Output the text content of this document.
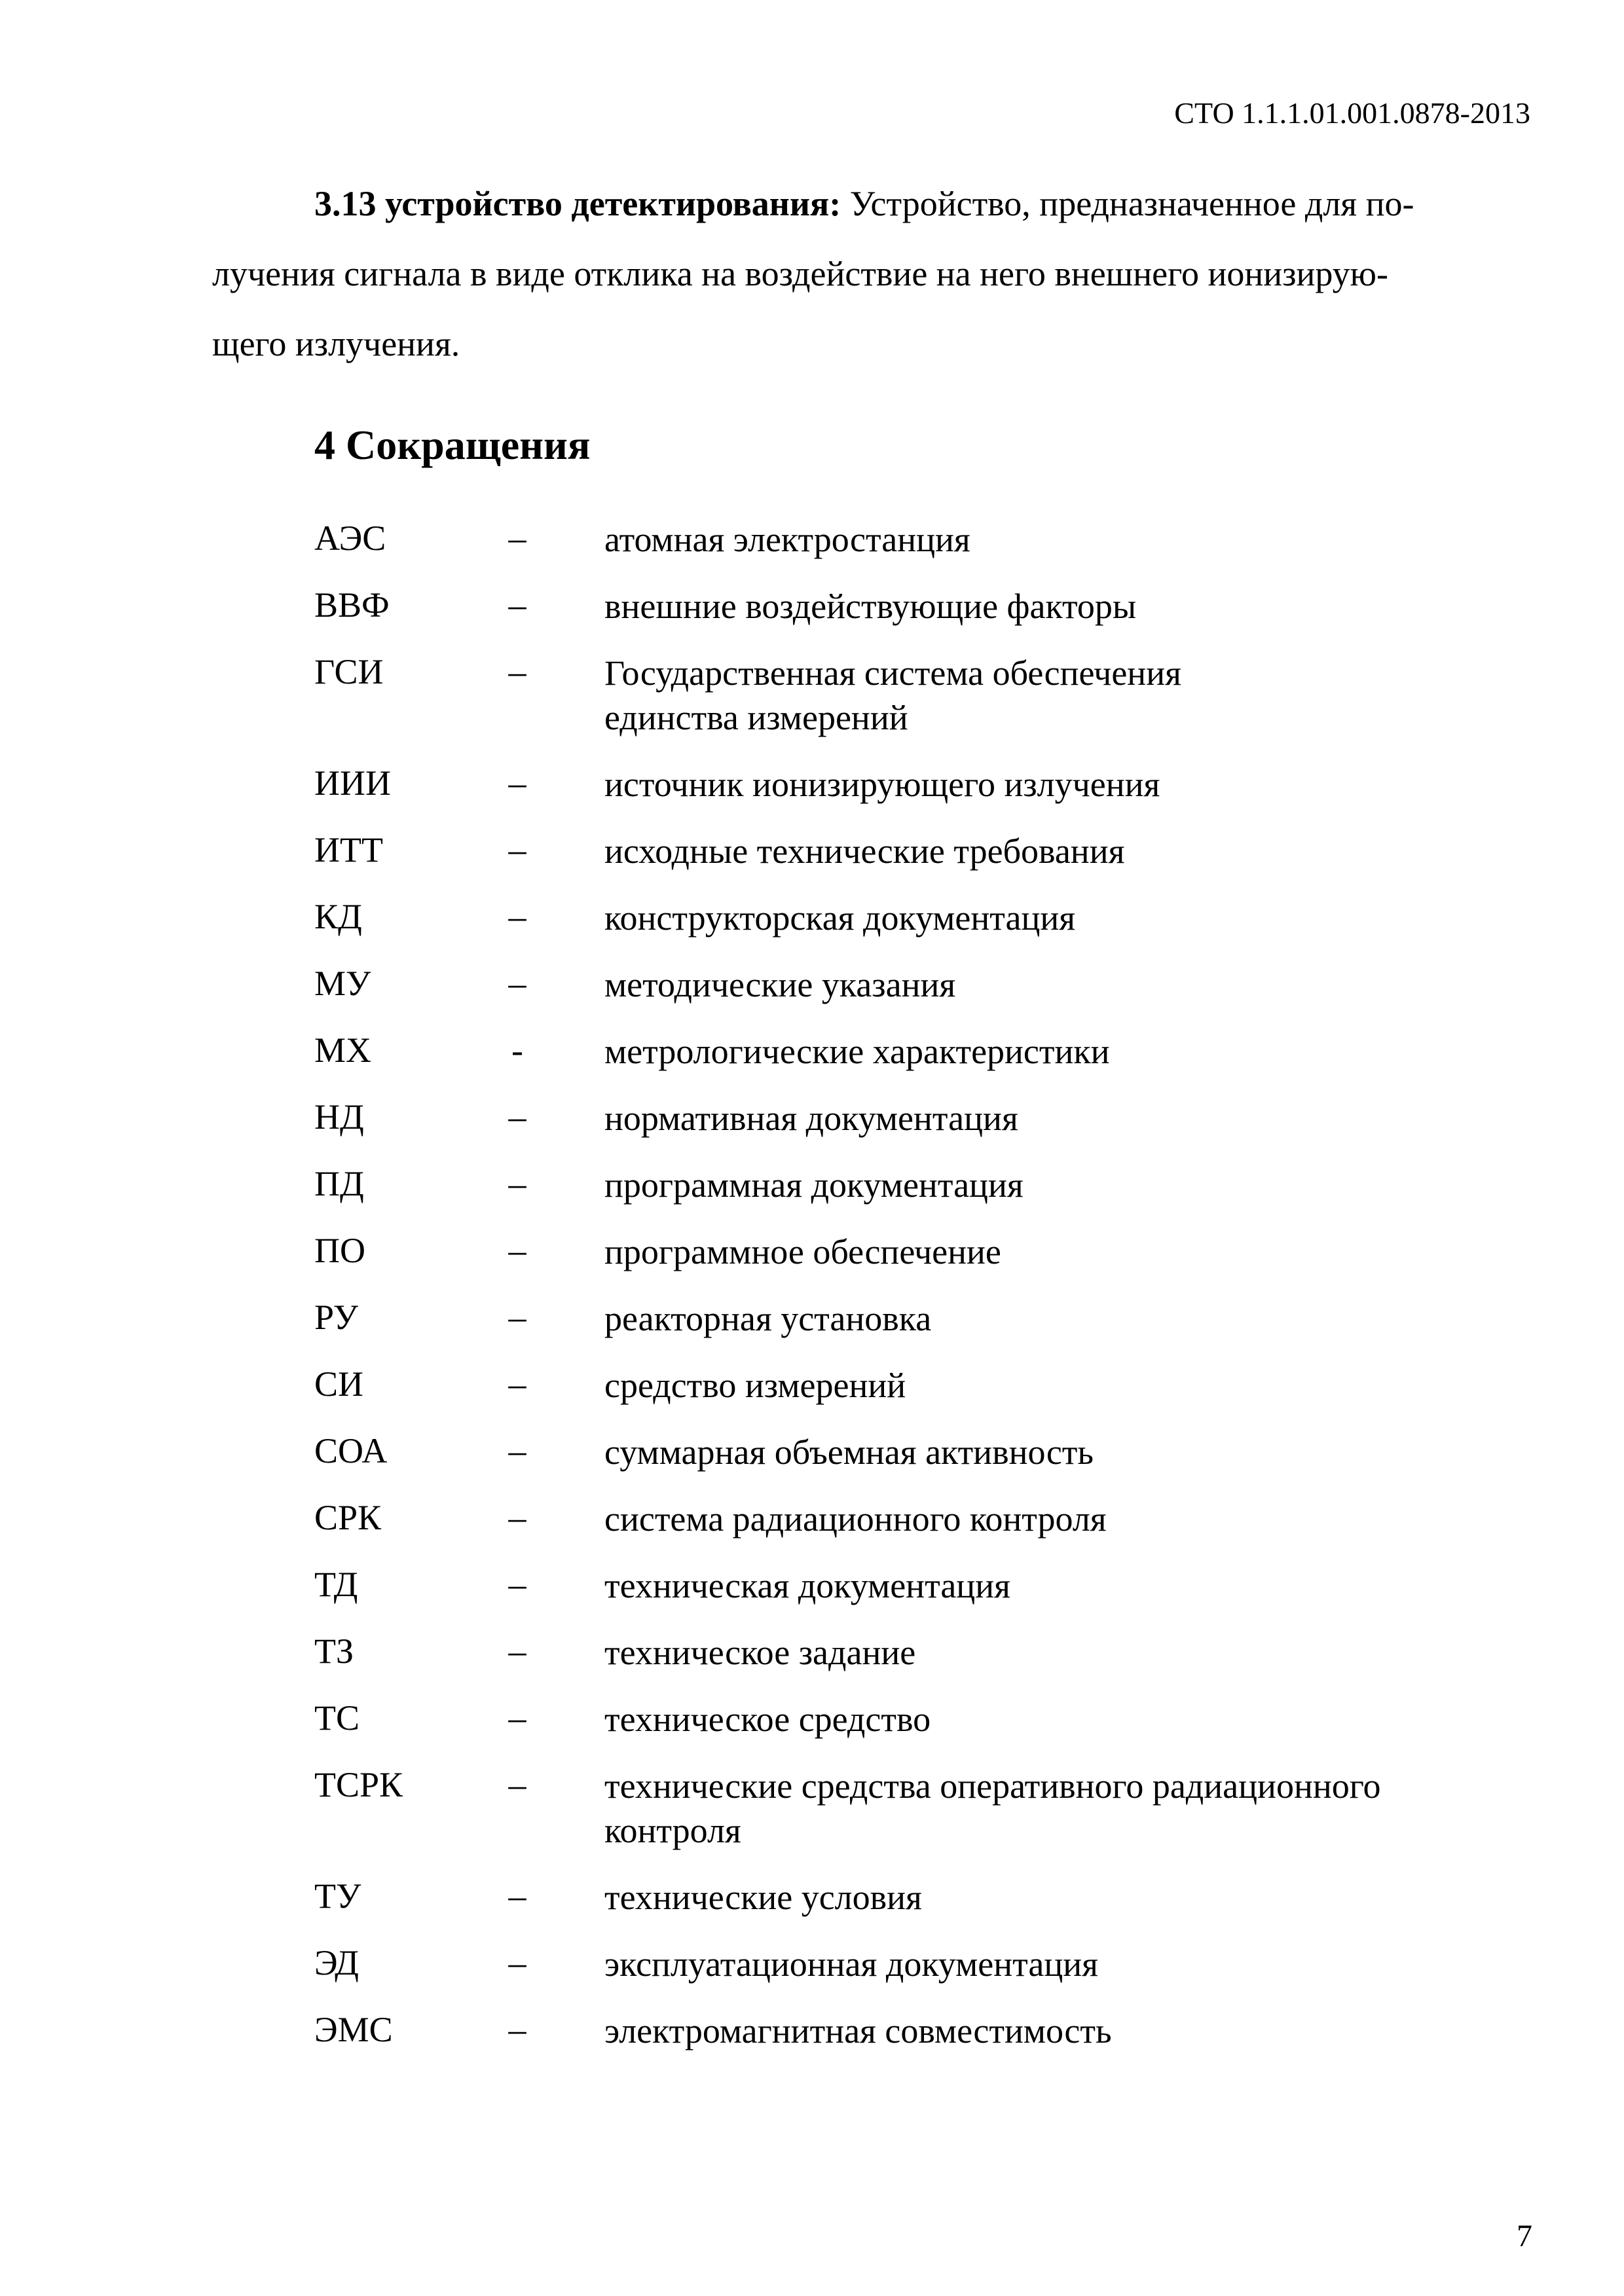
СТО 1.1.1.01.001.0878-2013
3.13 устройство детектирования: Устройство, предназначенное для по-
лучения сигнала в виде отклика на воздействие на него внешнего ионизирую-
щего излучения.
4 Сокращения
АЭС	– атомная электростанция
ВВФ	– внешние воздействующие факторы
ГСИ	– Государственная система обеспечения единства измерений
ИИИ	– источник ионизирующего излучения
ИТТ	– исходные технические требования
КД	– конструкторская документация
МУ	– методические указания
МХ	- метрологические характеристики
НД	– нормативная документация
ПД	– программная документация
ПО	– программное обеспечение
РУ	– реакторная установка
СИ	– средство измерений
СОА	– суммарная объемная активность
СРК	– система радиационного контроля
ТД	– техническая документация
ТЗ	– техническое задание
ТС	– техническое средство
ТСРК	– технические средства оперативного радиационного контроля
ТУ	– технические условия
ЭД	– эксплуатационная документация
ЭМС	– электромагнитная совместимость
7
